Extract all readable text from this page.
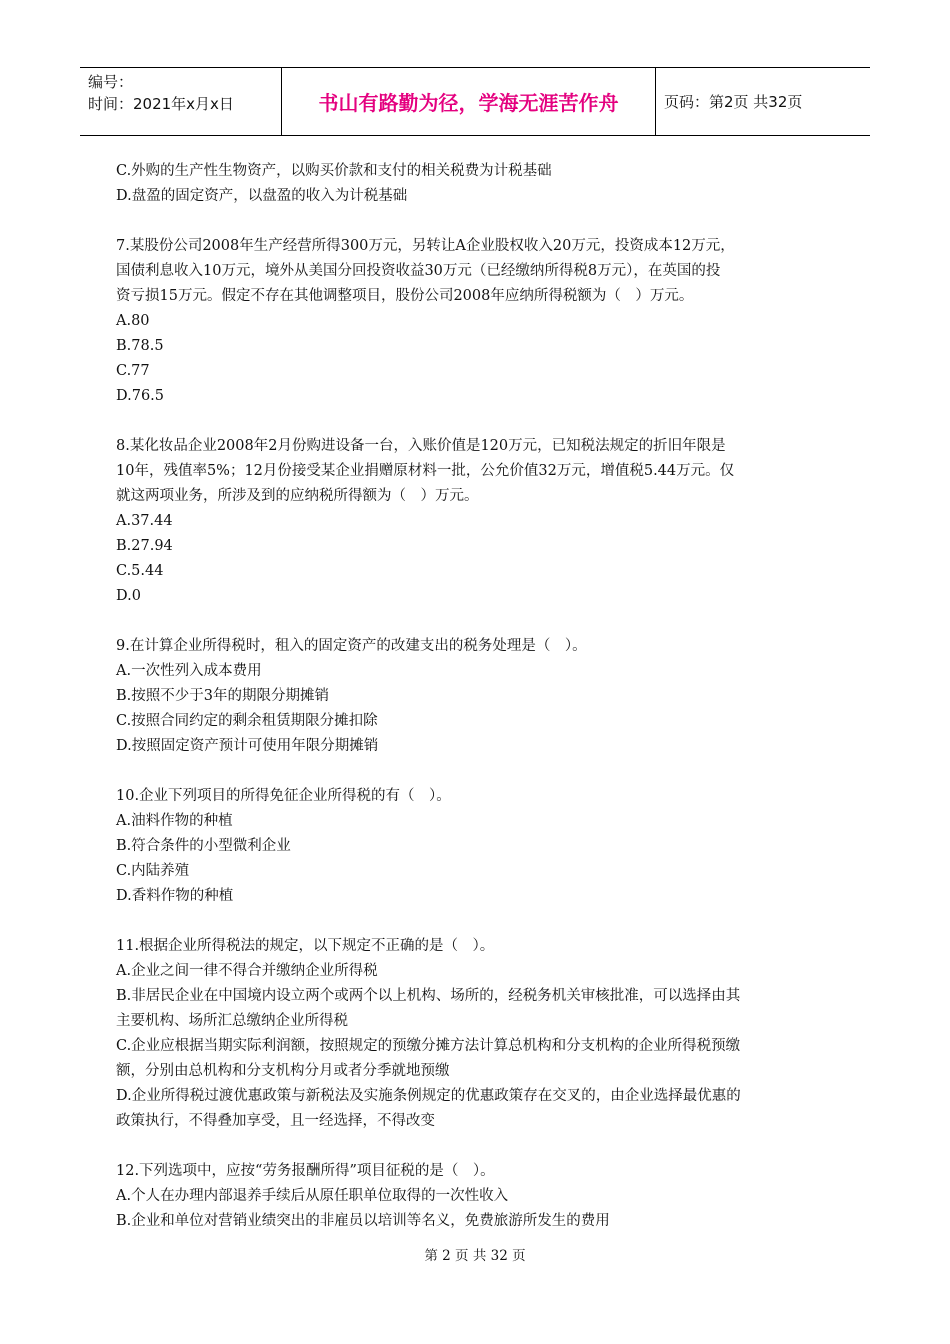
编号：
时间：2021年x月x日	书山有路勤为径，学海无涯苦作舟	页码：第2页 共32页
C.外购的生产性生物资产，以购买价款和支付的相关税费为计税基础
D.盘盈的固定资产，以盘盈的收入为计税基础
7.某股份公司2008年生产经营所得300万元，另转让A企业股权收入20万元，投资成本12万元，
国债利息收入10万元，境外从美国分回投资收益30万元（已经缴纳所得税8万元），在英国的投
资亏损15万元。假定不存在其他调整项目，股份公司2008年应纳所得税额为（　）万元。
A.80
B.78.5
C.77
D.76.5
8.某化妆品企业2008年2月份购进设备一台，入账价值是120万元，已知税法规定的折旧年限是
10年，残值率5%；12月份接受某企业捐赠原材料一批，公允价值32万元，增值税5.44万元。仅
就这两项业务，所涉及到的应纳税所得额为（　）万元。
A.37.44
B.27.94
C.5.44
D.0
9.在计算企业所得税时，租入的固定资产的改建支出的税务处理是（　）。
A.一次性列入成本费用
B.按照不少于3年的期限分期摊销
C.按照合同约定的剩余租赁期限分摊扣除
D.按照固定资产预计可使用年限分期摊销
10.企业下列项目的所得免征企业所得税的有（　）。
A.油料作物的种植
B.符合条件的小型微利企业
C.内陆养殖
D.香料作物的种植
11.根据企业所得税法的规定，以下规定不正确的是（　）。
A.企业之间一律不得合并缴纳企业所得税
B.非居民企业在中国境内设立两个或两个以上机构、场所的，经税务机关审核批准，可以选择由其
主要机构、场所汇总缴纳企业所得税
C.企业应根据当期实际利润额，按照规定的预缴分摊方法计算总机构和分支机构的企业所得税预缴
额，分别由总机构和分支机构分月或者分季就地预缴
D.企业所得税过渡优惠政策与新税法及实施条例规定的优惠政策存在交叉的，由企业选择最优惠的
政策执行，不得叠加享受，且一经选择，不得改变
12.下列选项中，应按“劳务报酬所得”项目征税的是（　）。
A.个人在办理内部退养手续后从原任职单位取得的一次性收入
B.企业和单位对营销业绩突出的非雇员以培训等名义，免费旅游所发生的费用
第 2 页 共 32 页
